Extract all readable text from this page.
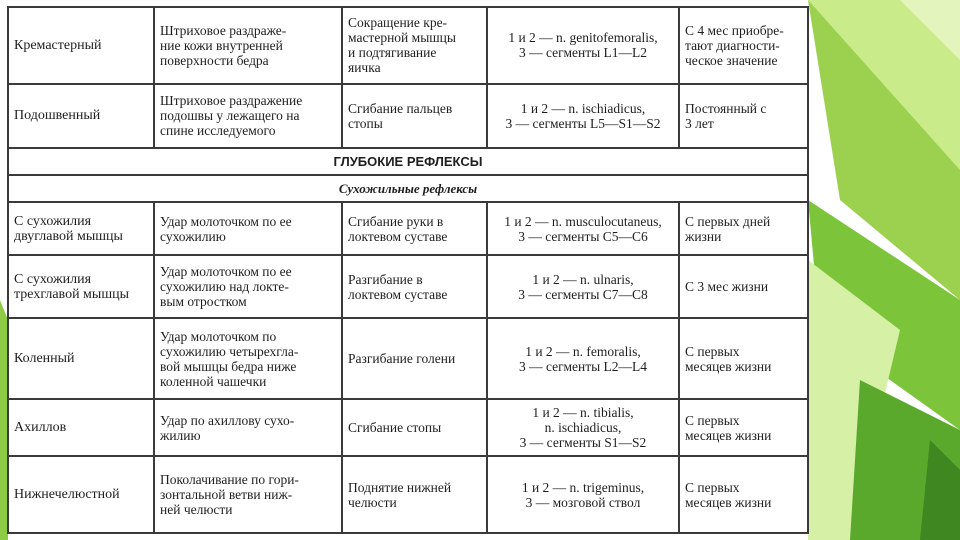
Кремастерный	Штриховое раздраже-
ние кожи внутренней
поверхности бедра	Сокращение кре-
мастерной мышцы
и подтягивание
яичка	1 и 2 — n. genitofemoralis,
3 — сегменты L1—L2	С 4 мес приобре-
тают диагности-
ческое значение
Подошвенный	Штриховое раздражение
подошвы у лежащего на
спине исследуемого	Сгибание пальцев
стопы	1 и 2 — n. ischiadicus,
3 — сегменты L5—S1—S2	Постоянный с
3 лет
ГЛУБОКИЕ РЕФЛЕКСЫ				
Сухожильные рефлексы				
С сухожилия
двуглавой мышцы	Удар молоточком по ее
сухожилию	Сгибание руки в
локтевом суставе	1 и 2 — n. musculocutaneus,
3 — сегменты C5—C6	С первых дней
жизни
С сухожилия
трехглавой мышцы	Удар молоточком по ее
сухожилию над локте-
вым отростком	Разгибание в
локтевом суставе	1 и 2 — n. ulnaris,
3 — сегменты C7—C8	С 3 мес жизни
Коленный	Удар молоточком по
сухожилию четырехгла-
вой мышцы бедра ниже
коленной чашечки	Разгибание голени	1 и 2 — n. femoralis,
3 — сегменты L2—L4	С первых
месяцев жизни
Ахиллов	Удар по ахиллову сухо-
жилию	Сгибание стопы	1 и 2 — n. tibialis,
n. ischiadicus,
3 — сегменты S1—S2	С первых
месяцев жизни
Нижнечелюстной	Поколачивание по гори-
зонтальной ветви ниж-
ней челюсти	Поднятие нижней
челюсти	1 и 2 — n. trigeminus,
3 — мозговой ствол	С первых
месяцев жизни
